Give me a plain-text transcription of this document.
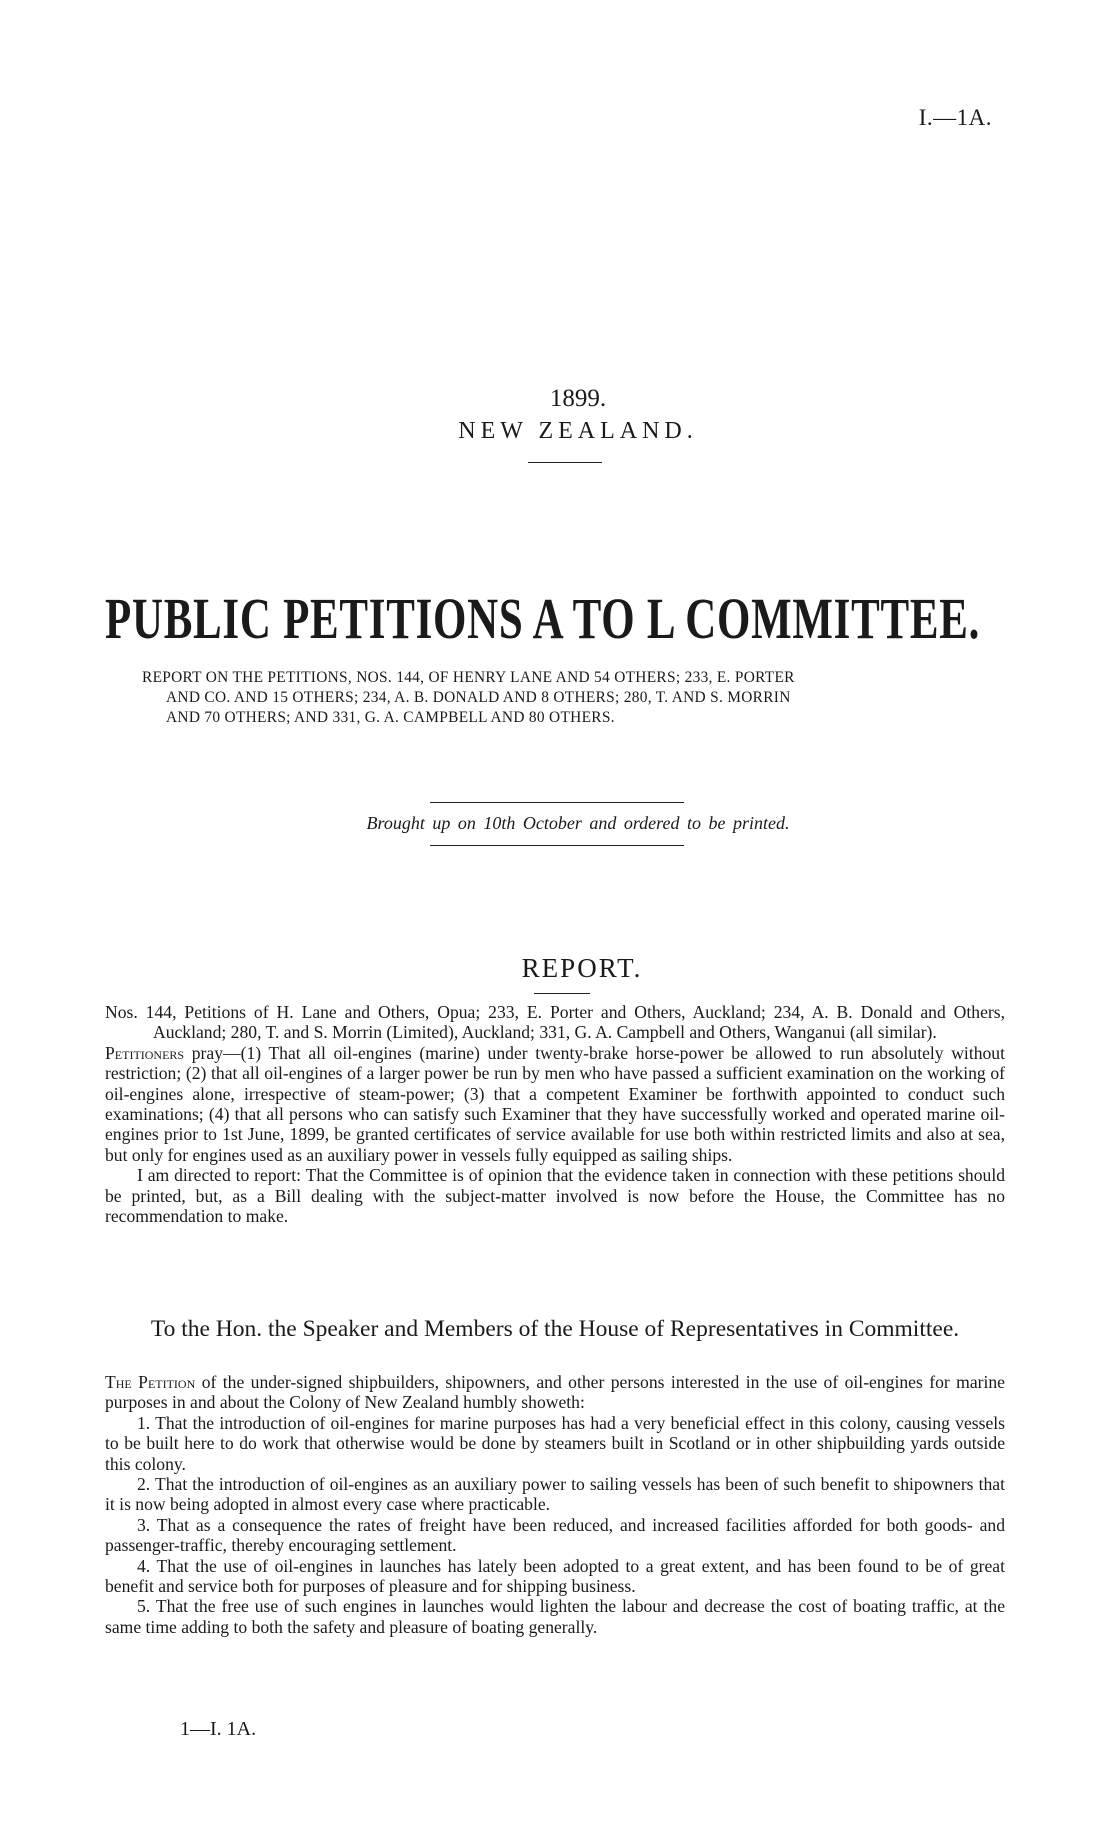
I.—1A.
1899.
NEW ZEALAND.
PUBLIC PETITIONS A TO L COMMITTEE.
REPORT ON THE PETITIONS, NOS. 144, OF HENRY LANE AND 54 OTHERS; 233, E. PORTER
AND CO. AND 15 OTHERS; 234, A. B. DONALD AND 8 OTHERS; 280, T. AND S. MORRIN
AND 70 OTHERS; AND 331, G. A. CAMPBELL AND 80 OTHERS.
Brought up on 10th October and ordered to be printed.
REPORT.

Nos. 144, Petitions of H. Lane and Others, Opua; 233, E. Porter and Others, Auckland; 234, A. B. Donald and Others, Auckland; 280, T. and S. Morrin (Limited), Auckland; 331, G. A. Campbell and Others, Wanganui (all similar).

Petitioners pray—(1) That all oil-engines (marine) under twenty-brake horse-power be allowed to run absolutely without restriction; (2) that all oil-engines of a larger power be run by men who have passed a sufficient examination on the working of oil-engines alone, irrespective of steam-power; (3) that a competent Examiner be forthwith appointed to conduct such examinations; (4) that all persons who can satisfy such Examiner that they have successfully worked and operated marine oil-engines prior to 1st June, 1899, be granted certificates of service available for use both within restricted limits and also at sea, but only for engines used as an auxiliary power in vessels fully equipped as sailing ships.

I am directed to report: That the Committee is of opinion that the evidence taken in connection with these petitions should be printed, but, as a Bill dealing with the subject-matter involved is now before the House, the Committee has no recommendation to make.

To the Hon. the Speaker and Members of the House of Representatives in Committee.

The Petition of the under-signed shipbuilders, shipowners, and other persons interested in the use of oil-engines for marine purposes in and about the Colony of New Zealand humbly showeth:

1. That the introduction of oil-engines for marine purposes has had a very beneficial effect in this colony, causing vessels to be built here to do work that otherwise would be done by steamers built in Scotland or in other shipbuilding yards outside this colony.

2. That the introduction of oil-engines as an auxiliary power to sailing vessels has been of such benefit to shipowners that it is now being adopted in almost every case where practicable.

3. That as a consequence the rates of freight have been reduced, and increased facilities afforded for both goods- and passenger-traffic, thereby encouraging settlement.

4. That the use of oil-engines in launches has lately been adopted to a great extent, and has been found to be of great benefit and service both for purposes of pleasure and for shipping business.

5. That the free use of such engines in launches would lighten the labour and decrease the cost of boating traffic, at the same time adding to both the safety and pleasure of boating generally.

1—I. 1A.
